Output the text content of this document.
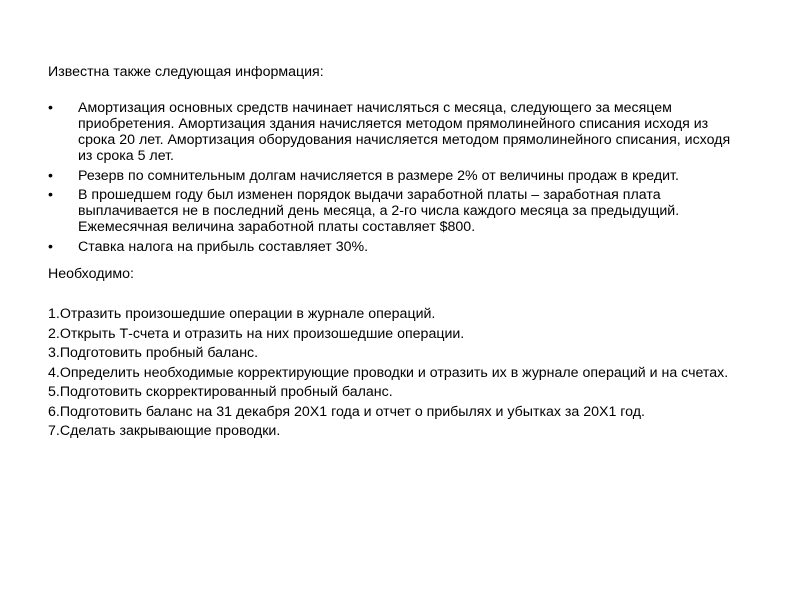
Известна также следующая информация:

• Амортизация основных средств начинает начисляться с месяца, следующего за месяцем приобретения. Амортизация здания начисляется методом прямолинейного списания исходя из срока 20 лет. Амортизация оборудования начисляется методом прямолинейного списания, исходя из срока 5 лет.
• Резерв по сомнительным долгам начисляется в размере 2% от величины продаж в кредит.
• В прошедшем году был изменен порядок выдачи заработной платы – заработная плата выплачивается не в последний день месяца, а 2-го числа каждого месяца за предыдущий. Ежемесячная величина заработной платы составляет $800.
• Ставка налога на прибыль составляет 30%.

Необходимо:

1.Отразить произошедшие операции в журнале операций.
2.Открыть Т-счета и отразить на них произошедшие операции.
3.Подготовить пробный баланс.
4.Определить необходимые корректирующие проводки и отразить их в журнале операций и на счетах.
5.Подготовить скорректированный пробный баланс.
6.Подготовить баланс на 31 декабря 20X1 года и отчет о прибылях и убытках за 20X1 год.
7.Сделать закрывающие проводки.
